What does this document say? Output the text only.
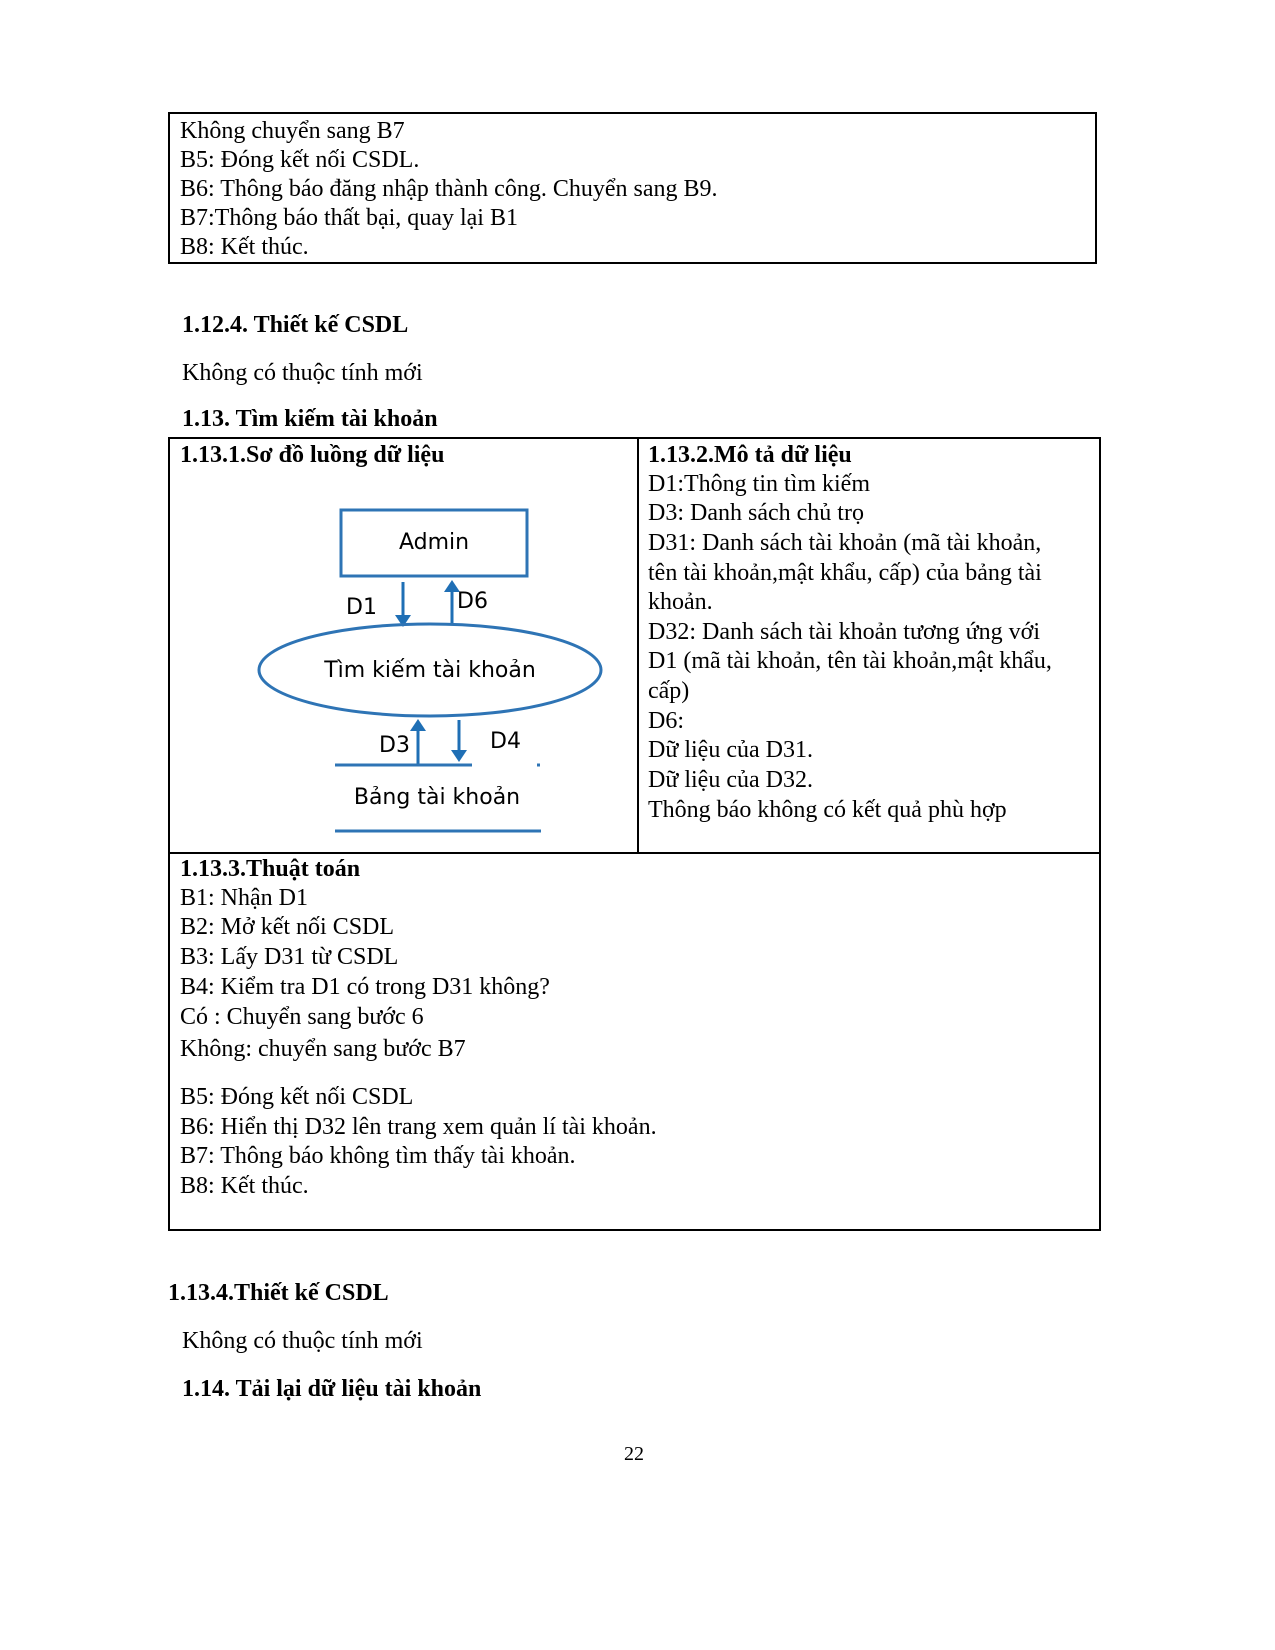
Không chuyển sang B7
B5: Đóng kết nối CSDL.
B6: Thông báo đăng nhập thành công. Chuyển sang B9.
B7:Thông báo thất bại, quay lại B1
B8: Kết thúc.
1.12.4. Thiết kế CSDL
Không có thuộc tính mới
1.13. Tìm kiếm tài khoản
1.13.1.Sơ đồ luồng dữ liệu
Admin
D1	D6
Tìm kiếm tài khoản
D3	D4
Bảng tài khoản
1.13.2.Mô tả dữ liệu
D1:Thông tin tìm kiếm
D3: Danh sách chủ trọ
D31: Danh sách tài khoản (mã tài khoản,
tên tài khoản,mật khẩu, cấp) của bảng tài
khoản.
D32: Danh sách tài khoản tương ứng với
D1 (mã tài khoản, tên tài khoản,mật khẩu,
cấp)
D6:
Dữ liệu của D31.
Dữ liệu của D32.
Thông báo không có kết quả phù hợp
1.13.3.Thuật toán
B1: Nhận D1
B2: Mở kết nối CSDL
B3: Lấy D31 từ CSDL
B4: Kiểm tra D1 có trong D31 không?
Có : Chuyển sang bước 6
Không: chuyển sang bước B7
B5: Đóng kết nối CSDL
B6: Hiển thị D32 lên trang xem quản lí tài khoản.
B7: Thông báo không tìm thấy tài khoản.
B8: Kết thúc.
1.13.4.Thiết kế CSDL
Không có thuộc tính mới
1.14. Tải lại dữ liệu tài khoản
22
